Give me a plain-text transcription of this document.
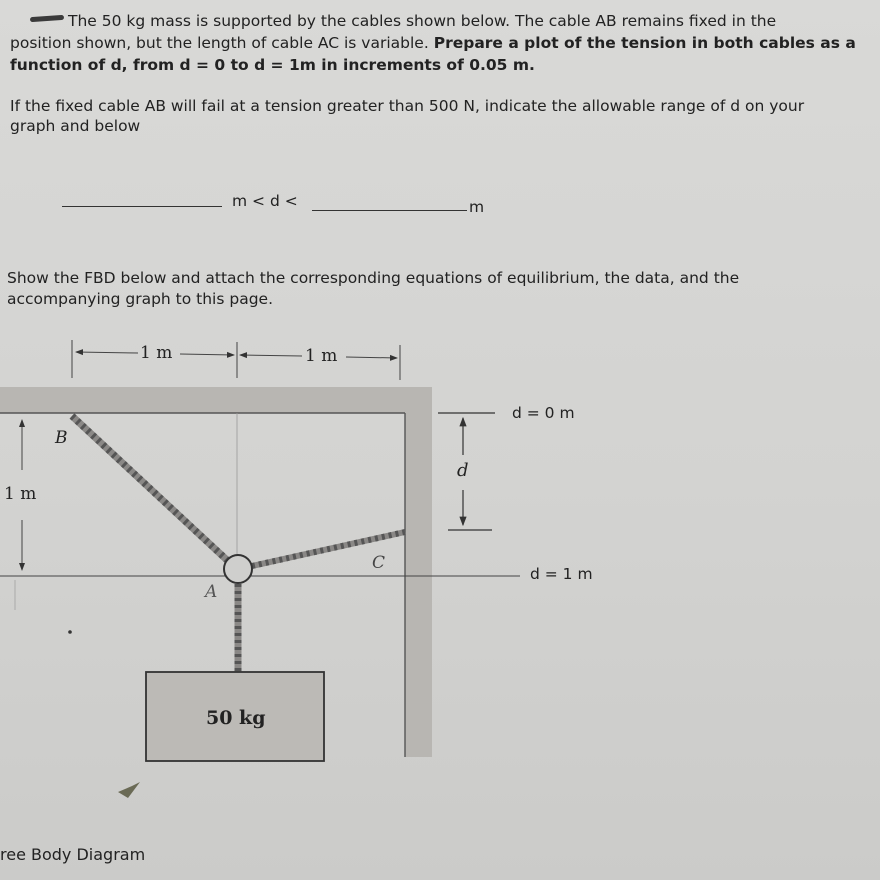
The 50 kg mass is supported by the cables shown below. The cable AB remains fixed in the

position shown, but the length of cable AC is variable. Prepare a plot of the tension in both cables as a

function of d, from d = 0 to d = 1m in increments of 0.05 m.

If the fixed cable AB will fail at a tension greater than 500 N, indicate the allowable range of d on your

graph and below

m < d <	m

Show the FBD below and attach the corresponding equations of equilibrium, the data, and the

accompanying graph to this page.

1 m	1 m
1 m
B
A
C
d
50 kg
d = 0 m
d = 1 m

ree Body Diagram
